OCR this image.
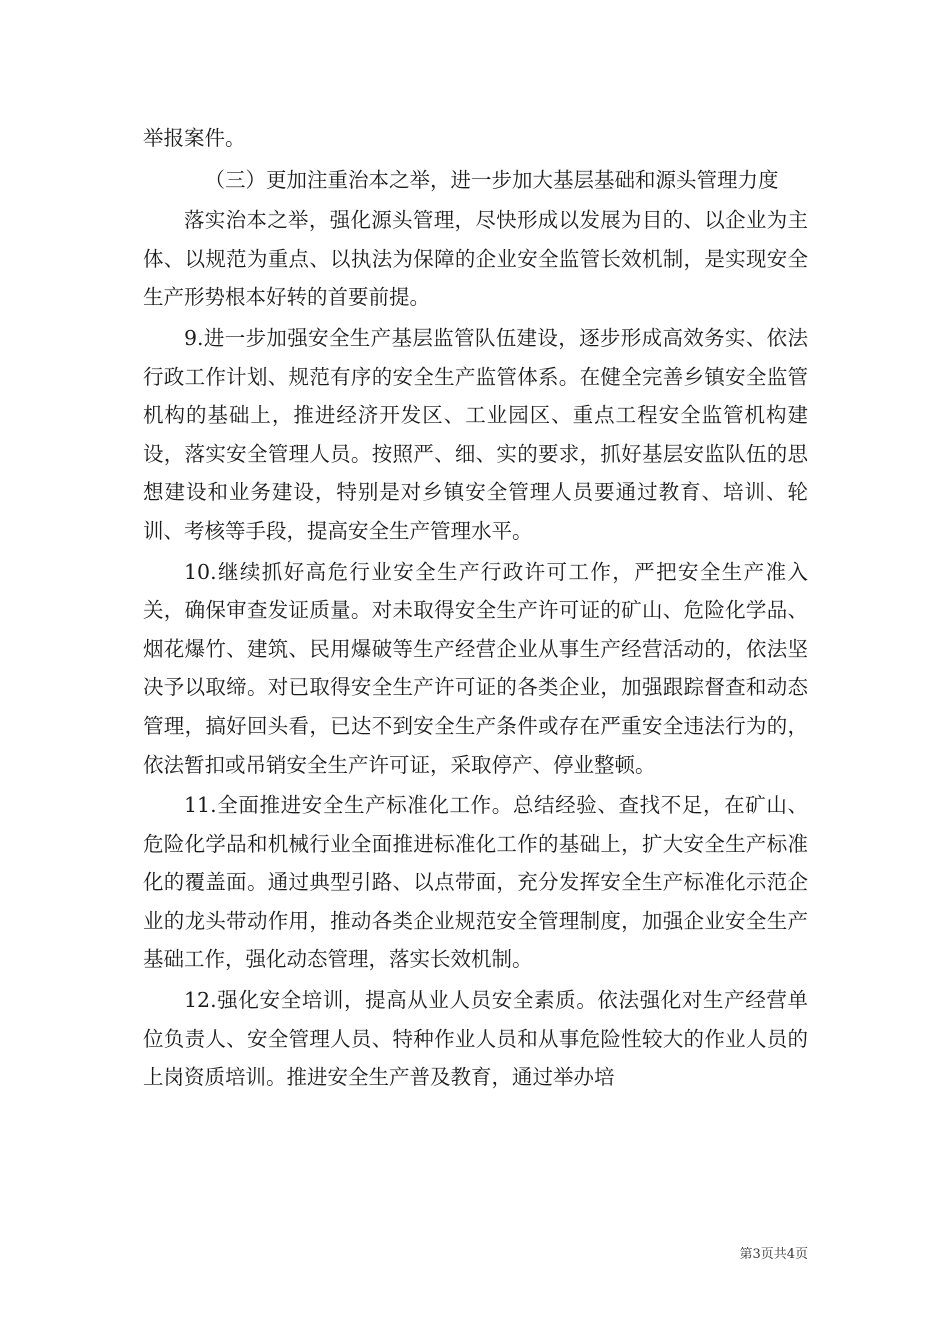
举报案件。

（三）更加注重治本之举，进一步加大基层基础和源头管理力度

落实治本之举，强化源头管理，尽快形成以发展为目的、以企业为主体、以规范为重点、以执法为保障的企业安全监管长效机制，是实现安全生产形势根本好转的首要前提。

9.进一步加强安全生产基层监管队伍建设，逐步形成高效务实、依法行政工作计划、规范有序的安全生产监管体系。在健全完善乡镇安全监管机构的基础上，推进经济开发区、工业园区、重点工程安全监管机构建设，落实安全管理人员。按照严、细、实的要求，抓好基层安监队伍的思想建设和业务建设，特别是对乡镇安全管理人员要通过教育、培训、轮训、考核等手段，提高安全生产管理水平。

10.继续抓好高危行业安全生产行政许可工作，严把安全生产准入关，确保审查发证质量。对未取得安全生产许可证的矿山、危险化学品、烟花爆竹、建筑、民用爆破等生产经营企业从事生产经营活动的，依法坚决予以取缔。对已取得安全生产许可证的各类企业，加强跟踪督查和动态管理，搞好回头看，已达不到安全生产条件或存在严重安全违法行为的，依法暂扣或吊销安全生产许可证，采取停产、停业整顿。

11.全面推进安全生产标准化工作。总结经验、查找不足，在矿山、危险化学品和机械行业全面推进标准化工作的基础上，扩大安全生产标准化的覆盖面。通过典型引路、以点带面，充分发挥安全生产标准化示范企业的龙头带动作用，推动各类企业规范安全管理制度，加强企业安全生产基础工作，强化动态管理，落实长效机制。

12.强化安全培训，提高从业人员安全素质。依法强化对生产经营单位负责人、安全管理人员、特种作业人员和从事危险性较大的作业人员的上岗资质培训。推进安全生产普及教育，通过举办培

第3页共4页
